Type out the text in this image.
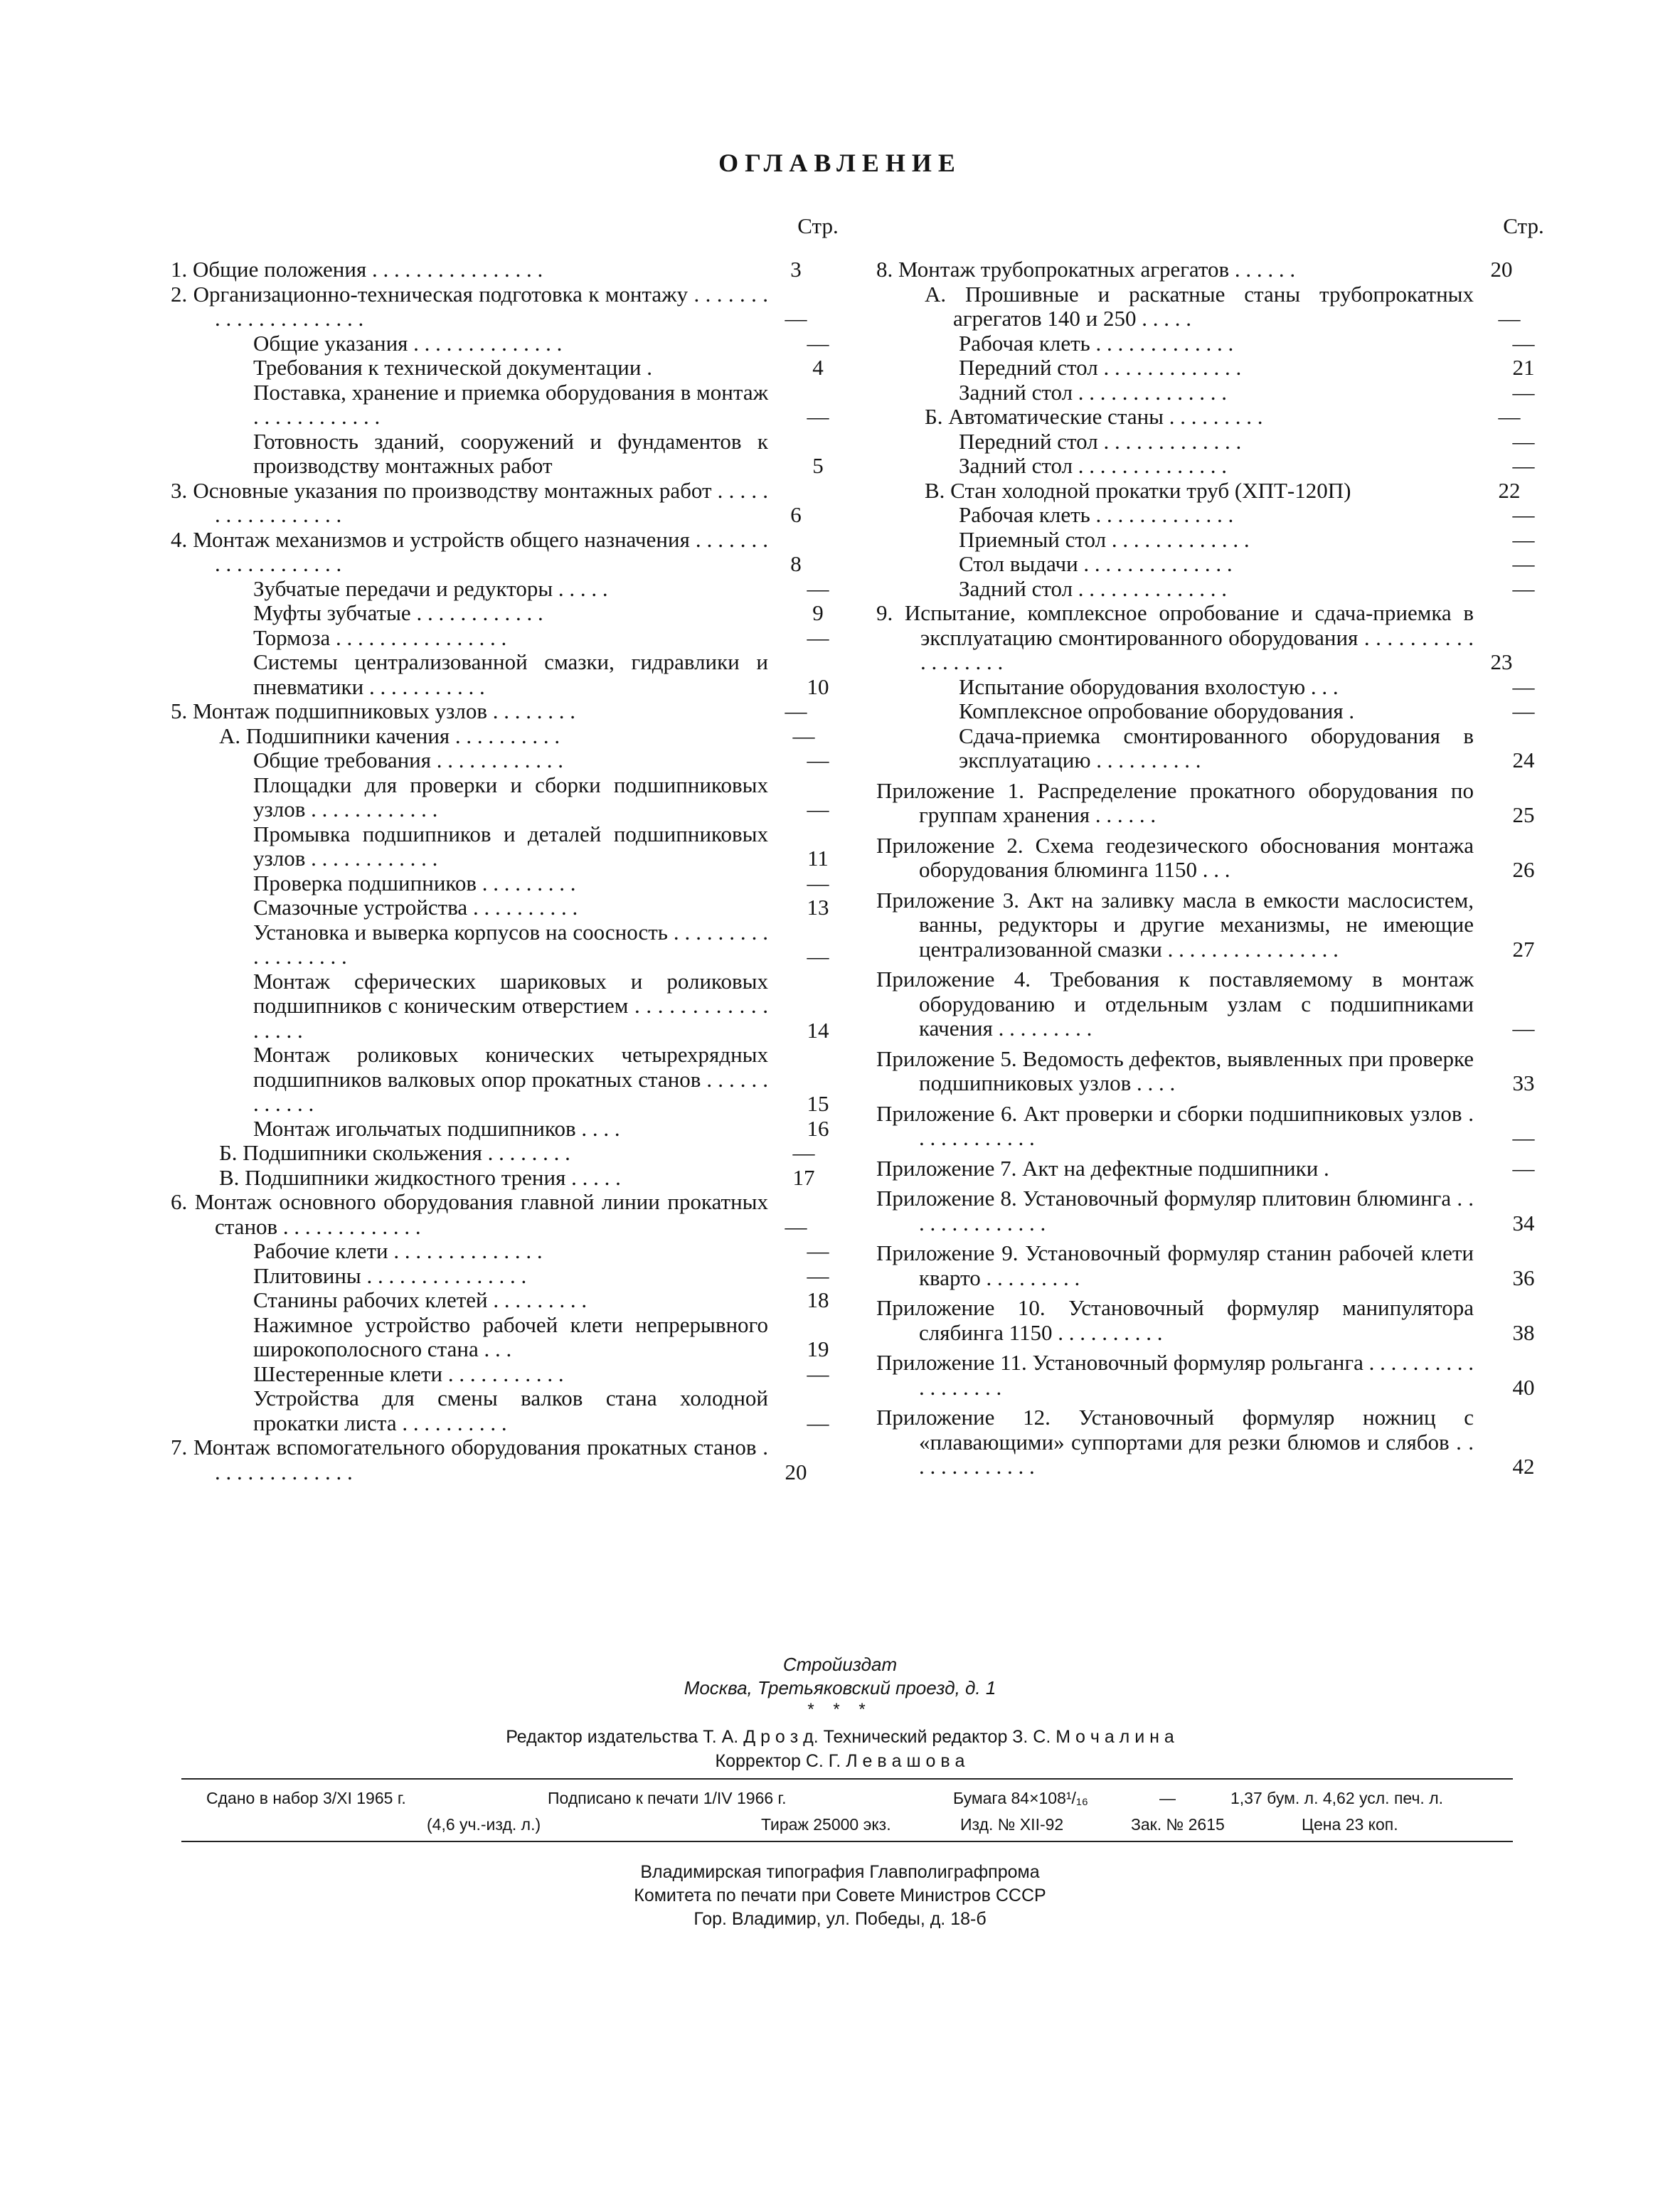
ОГЛАВЛЕНИЕ
Стр.
1. Общие положения . . . . . . . . . . . . . . . .	3
2. Организационно-техническая подготовка к монтажу . . . . . . . . . . . . . . . . . . . . .	—
Общие указания . . . . . . . . . . . . . .	—
Требования к технической документации .	4
Поставка, хранение и приемка оборудования в монтаж . . . . . . . . . . . .	—
Готовность зданий, сооружений и фундаментов к производству монтажных работ	5
3. Основные указания по производству монтажных работ . . . . . . . . . . . . . . . . .	6
4. Монтаж механизмов и устройств общего назначения . . . . . . . . . . . . . . . . . . .	8
Зубчатые передачи и редукторы . . . . .	—
Муфты зубчатые . . . . . . . . . . . .	9
Тормоза . . . . . . . . . . . . . . . .	—
Системы централизованной смазки, гидравлики и пневматики . . . . . . . . . . .	10
5. Монтаж подшипниковых узлов . . . . . . . .	—
А. Подшипники качения . . . . . . . . . .	—
Общие требования . . . . . . . . . . . .	—
Площадки для проверки и сборки подшипниковых узлов . . . . . . . . . . . .	—
Промывка подшипников и деталей подшипниковых узлов . . . . . . . . . . . .	11
Проверка подшипников . . . . . . . . .	—
Смазочные устройства . . . . . . . . . .	13
Установка и выверка корпусов на соосность . . . . . . . . . . . . . . . . . .	—
Монтаж сферических шариковых и роликовых подшипников с коническим отверстием . . . . . . . . . . . . . . . . .	14
Монтаж роликовых конических четырехрядных подшипников валковых опор прокатных станов . . . . . . . . . . . .	15
Монтаж игольчатых подшипников . . . .	16
Б. Подшипники скольжения . . . . . . . .	—
В. Подшипники жидкостного трения . . . . .	17
6. Монтаж основного оборудования главной линии прокатных станов . . . . . . . . . . . . .	—
Рабочие клети . . . . . . . . . . . . . .	—
Плитовины . . . . . . . . . . . . . . .	—
Станины рабочих клетей . . . . . . . . .	18
Нажимное устройство рабочей клети непрерывного широкополосного стана . . .	19
Шестеренные клети . . . . . . . . . . .	—
Устройства для смены валков стана холодной прокатки листа . . . . . . . . . .	—
7. Монтаж вспомогательного оборудования прокатных станов . . . . . . . . . . . . . .	20
Стр.
8. Монтаж трубопрокатных агрегатов . . . . . .	20
А. Прошивные и раскатные станы трубопрокатных агрегатов 140 и 250 . . . . .	—
Рабочая клеть . . . . . . . . . . . . .	—
Передний стол . . . . . . . . . . . . .	21
Задний стол . . . . . . . . . . . . . .	—
Б. Автоматические станы . . . . . . . . .	—
Передний стол . . . . . . . . . . . . .	—
Задний стол . . . . . . . . . . . . . .	—
В. Стан холодной прокатки труб (ХПТ-120П)	22
Рабочая клеть . . . . . . . . . . . . .	—
Приемный стол . . . . . . . . . . . . .	—
Стол выдачи . . . . . . . . . . . . . .	—
Задний стол . . . . . . . . . . . . . .	—
9. Испытание, комплексное опробование и сдача-приемка в эксплуатацию смонтированного оборудования . . . . . . . . . . . . . . . . . .	23
Испытание оборудования вхолостую . . .	—
Комплексное опробование оборудования .	—
Сдача-приемка смонтированного оборудования в эксплуатацию . . . . . . . . . .	24
Приложение 1. Распределение прокатного оборудования по группам хранения . . . . . .	25
Приложение 2. Схема геодезического обоснования монтажа оборудования блюминга 1150 . . .	26
Приложение 3. Акт на заливку масла в емкости маслосистем, ванны, редукторы и другие механизмы, не имеющие централизованной смазки . . . . . . . . . . . . . . . .	27
Приложение 4. Требования к поставляемому в монтаж оборудованию и отдельным узлам с подшипниками качения . . . . . . . . .	—
Приложение 5. Ведомость дефектов, выявленных при проверке подшипниковых узлов . . . .	33
Приложение 6. Акт проверки и сборки подшипниковых узлов . . . . . . . . . . . .	—
Приложение 7. Акт на дефектные подшипники .	—
Приложение 8. Установочный формуляр плитовин блюминга . . . . . . . . . . . . . .	34
Приложение 9. Установочный формуляр станин рабочей клети кварто . . . . . . . . .	36
Приложение 10. Установочный формуляр манипулятора слябинга 1150 . . . . . . . . . .	38
Приложение 11. Установочный формуляр рольганга . . . . . . . . . . . . . . . . . .	40
Приложение 12. Установочный формуляр ножниц с «плавающими» суппортами для резки блюмов и слябов . . . . . . . . . . . . .	42
Стройиздат
Москва, Третьяковский проезд, д. 1
* * *
Редактор издательства Т. А. Д р о з д. Технический редактор З. С. М о ч а л и н а
Корректор С. Г. Л е в а ш о в а
Сдано в набор 3/XI 1965 г.	Подписано к печати 1/IV 1966 г.	Бумага 84×108¹/₁₆	—	1,37 бум. л. 4,62 усл. печ. л.
(4,6 уч.-изд. л.)	Тираж 25000 экз.	Изд. № XII-92	Зак. № 2615	Цена 23 коп.
Владимирская типография Главполиграфпрома
Комитета по печати при Совете Министров СССР
Гор. Владимир, ул. Победы, д. 18-б
